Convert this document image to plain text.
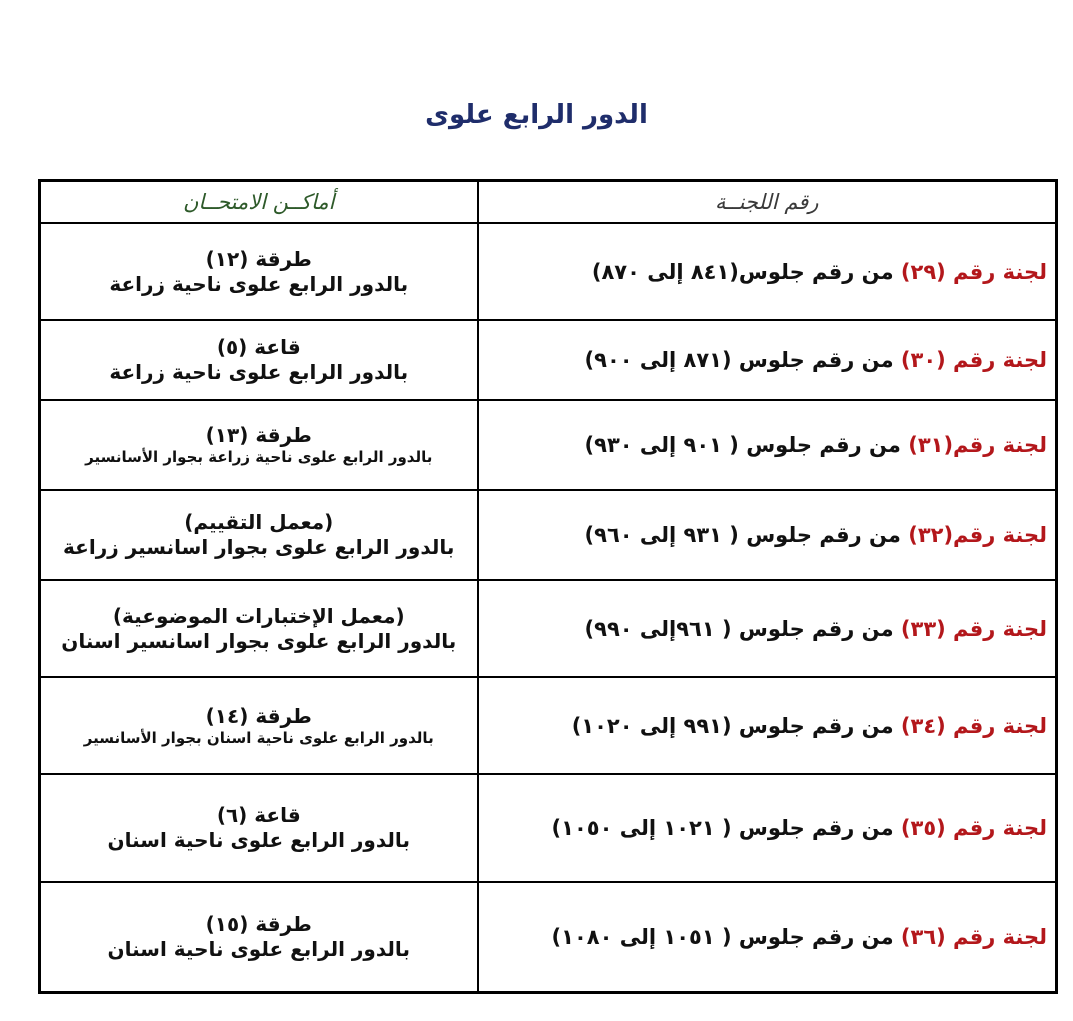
الدور الرابع علوى
أماكــن الامتحــان	رقم اللجنــة

طرقة (١٢)
بالدور الرابع علوى ناحية زراعة	لجنة رقم (٢٩) من رقم جلوس(٨٤١ إلى ٨٧٠)

قاعة (٥)
بالدور الرابع علوى ناحية زراعة	لجنة رقم (٣٠) من رقم جلوس (٨٧١ إلى ٩٠٠)

طرقة (١٣)
بالدور الرابع علوى ناحية زراعة بجوار الأسانسير	لجنة رقم(٣١) من رقم جلوس ( ٩٠١ إلى ٩٣٠)

(معمل التقييم)
بالدور الرابع علوى بجوار اسانسير زراعة	لجنة رقم(٣٢) من رقم جلوس ( ٩٣١ إلى ٩٦٠)

(معمل الإختبارات الموضوعية)
بالدور الرابع علوى بجوار اسانسير اسنان	لجنة رقم (٣٣) من رقم جلوس ( ٩٦١إلى ٩٩٠)

طرقة (١٤)
بالدور الرابع علوى ناحية اسنان بجوار الأسانسير	لجنة رقم (٣٤) من رقم جلوس (٩٩١ إلى ١٠٢٠)

قاعة (٦)
بالدور الرابع علوى ناحية اسنان	لجنة رقم (٣٥) من رقم جلوس ( ١٠٢١ إلى ١٠٥٠)

طرقة (١٥)
بالدور الرابع علوى ناحية اسنان	لجنة رقم (٣٦) من رقم جلوس ( ١٠٥١ إلى ١٠٨٠)
